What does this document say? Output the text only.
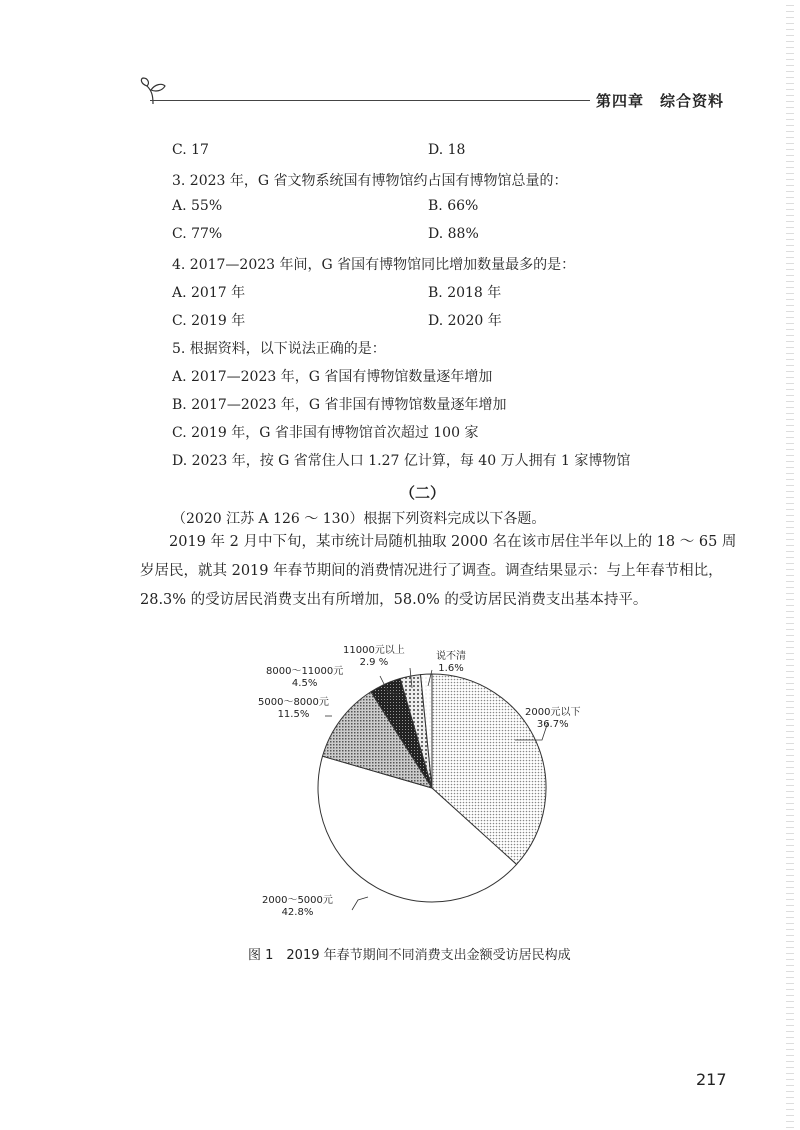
第四章　综合资料
C. 17	D. 18
3. 2023 年，G 省文物系统国有博物馆约占国有博物馆总量的：
A. 55%	B. 66%
C. 77%	D. 88%
4. 2017—2023 年间，G 省国有博物馆同比增加数量最多的是：
A. 2017 年	B. 2018 年
C. 2019 年	D. 2020 年
5. 根据资料，以下说法正确的是：
A. 2017—2023 年，G 省国有博物馆数量逐年增加
B. 2017—2023 年，G 省非国有博物馆数量逐年增加
C. 2019 年，G 省非国有博物馆首次超过 100 家
D. 2023 年，按 G 省常住人口 1.27 亿计算，每 40 万人拥有 1 家博物馆
（二）
（2020 江苏 A 126 ～ 130）根据下列资料完成以下各题。
2019 年 2 月中下旬，某市统计局随机抽取 2000 名在该市居住半年以上的 18 ～ 65 周岁居民，就其 2019 年春节期间的消费情况进行了调查。调查结果显示：与上年春节相比，28.3% 的受访居民消费支出有所增加，58.0% 的受访居民消费支出基本持平。
2000元以下
36.7%
2000～5000元
42.8%
5000～8000元
11.5%
8000～11000元
4.5%
11000元以上
2.9 %
说不清
1.6%
图 1　2019 年春节期间不同消费支出金额受访居民构成
217
